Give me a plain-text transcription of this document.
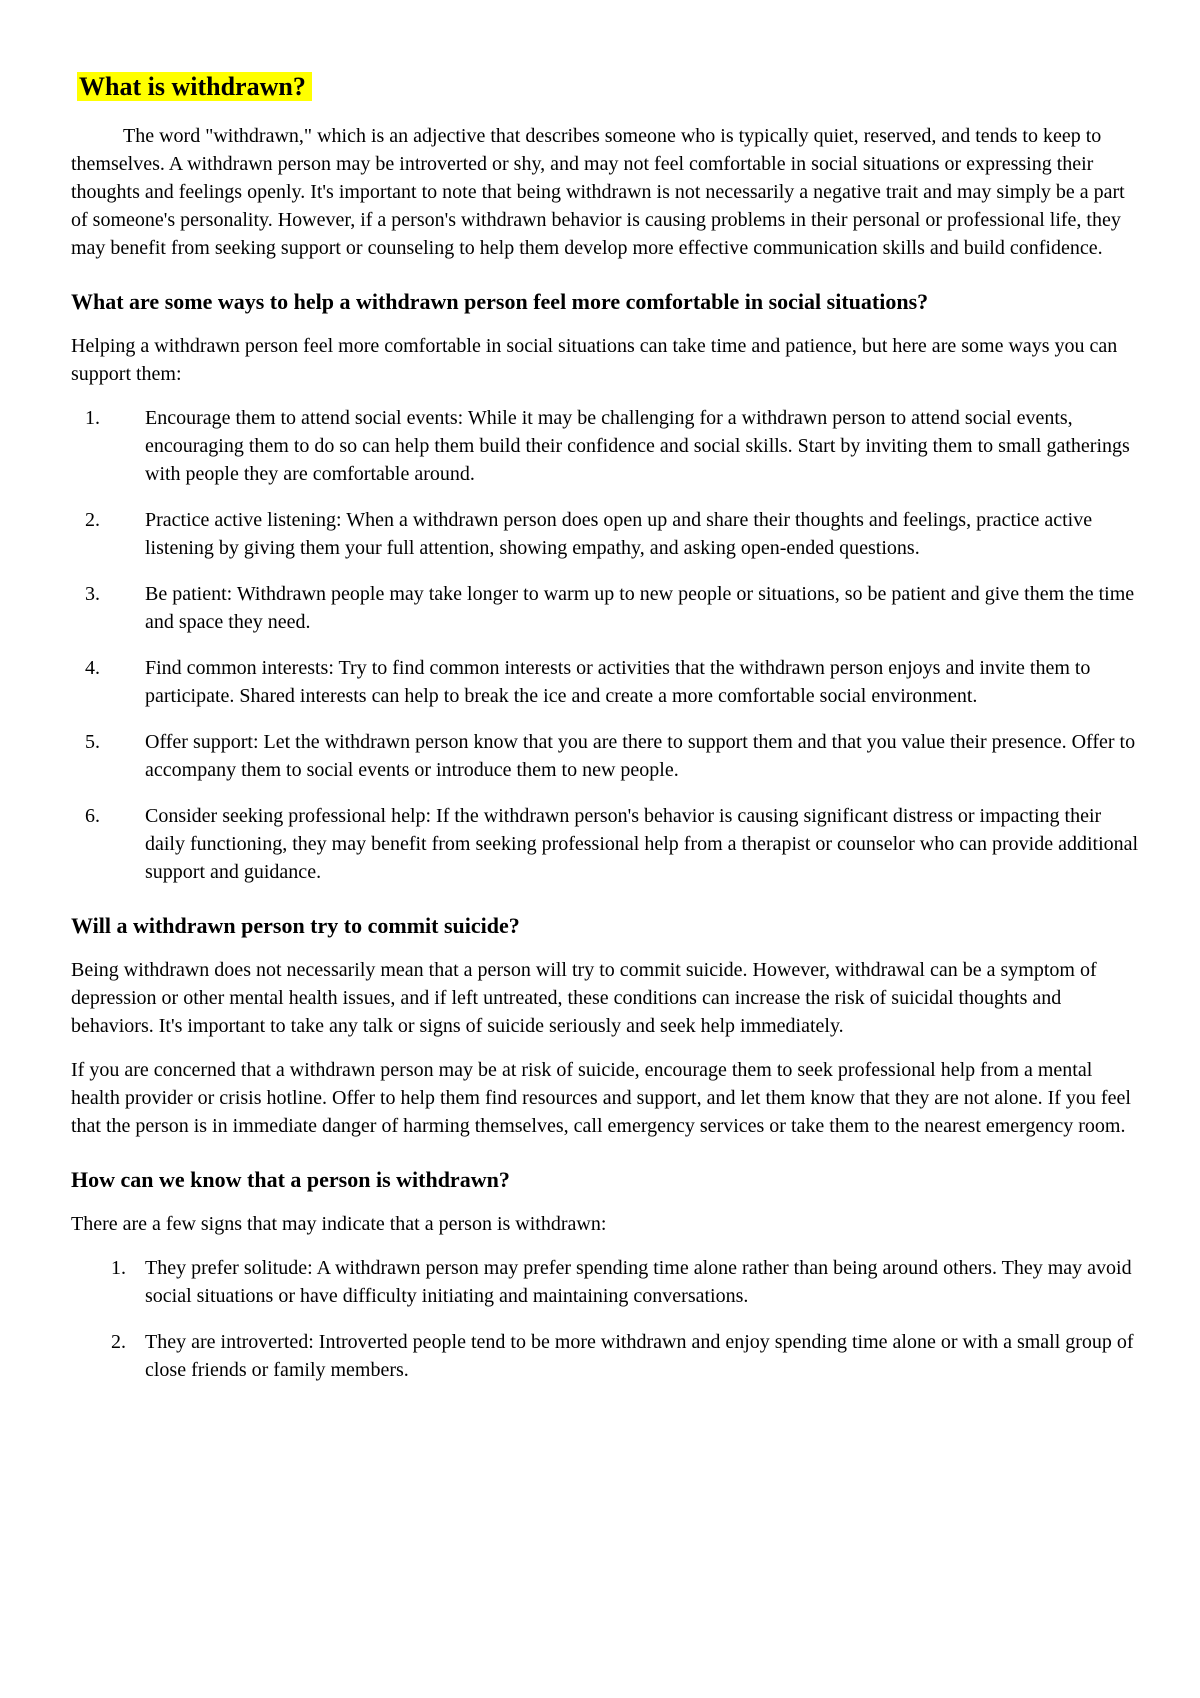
What is withdrawn?

The word "withdrawn," which is an adjective that describes someone who is typically quiet, reserved, and tends to keep to themselves. A withdrawn person may be introverted or shy, and may not feel comfortable in social situations or expressing their thoughts and feelings openly. It's important to note that being withdrawn is not necessarily a negative trait and may simply be a part of someone's personality. However, if a person's withdrawn behavior is causing problems in their personal or professional life, they may benefit from seeking support or counseling to help them develop more effective communication skills and build confidence.

What are some ways to help a withdrawn person feel more comfortable in social situations?

Helping a withdrawn person feel more comfortable in social situations can take time and patience, but here are some ways you can support them:

1. Encourage them to attend social events: While it may be challenging for a withdrawn person to attend social events, encouraging them to do so can help them build their confidence and social skills. Start by inviting them to small gatherings with people they are comfortable around.
2. Practice active listening: When a withdrawn person does open up and share their thoughts and feelings, practice active listening by giving them your full attention, showing empathy, and asking open-ended questions.
3. Be patient: Withdrawn people may take longer to warm up to new people or situations, so be patient and give them the time and space they need.
4. Find common interests: Try to find common interests or activities that the withdrawn person enjoys and invite them to participate. Shared interests can help to break the ice and create a more comfortable social environment.
5. Offer support: Let the withdrawn person know that you are there to support them and that you value their presence. Offer to accompany them to social events or introduce them to new people.
6. Consider seeking professional help: If the withdrawn person's behavior is causing significant distress or impacting their daily functioning, they may benefit from seeking professional help from a therapist or counselor who can provide additional support and guidance.
Will a withdrawn person try to commit suicide?

Being withdrawn does not necessarily mean that a person will try to commit suicide. However, withdrawal can be a symptom of depression or other mental health issues, and if left untreated, these conditions can increase the risk of suicidal thoughts and behaviors. It's important to take any talk or signs of suicide seriously and seek help immediately.

If you are concerned that a withdrawn person may be at risk of suicide, encourage them to seek professional help from a mental health provider or crisis hotline. Offer to help them find resources and support, and let them know that they are not alone. If you feel that the person is in immediate danger of harming themselves, call emergency services or take them to the nearest emergency room.

How can we know that a person is withdrawn?

There are a few signs that may indicate that a person is withdrawn:

1. They prefer solitude: A withdrawn person may prefer spending time alone rather than being around others. They may avoid social situations or have difficulty initiating and maintaining conversations.
2. They are introverted: Introverted people tend to be more withdrawn and enjoy spending time alone or with a small group of close friends or family members.
